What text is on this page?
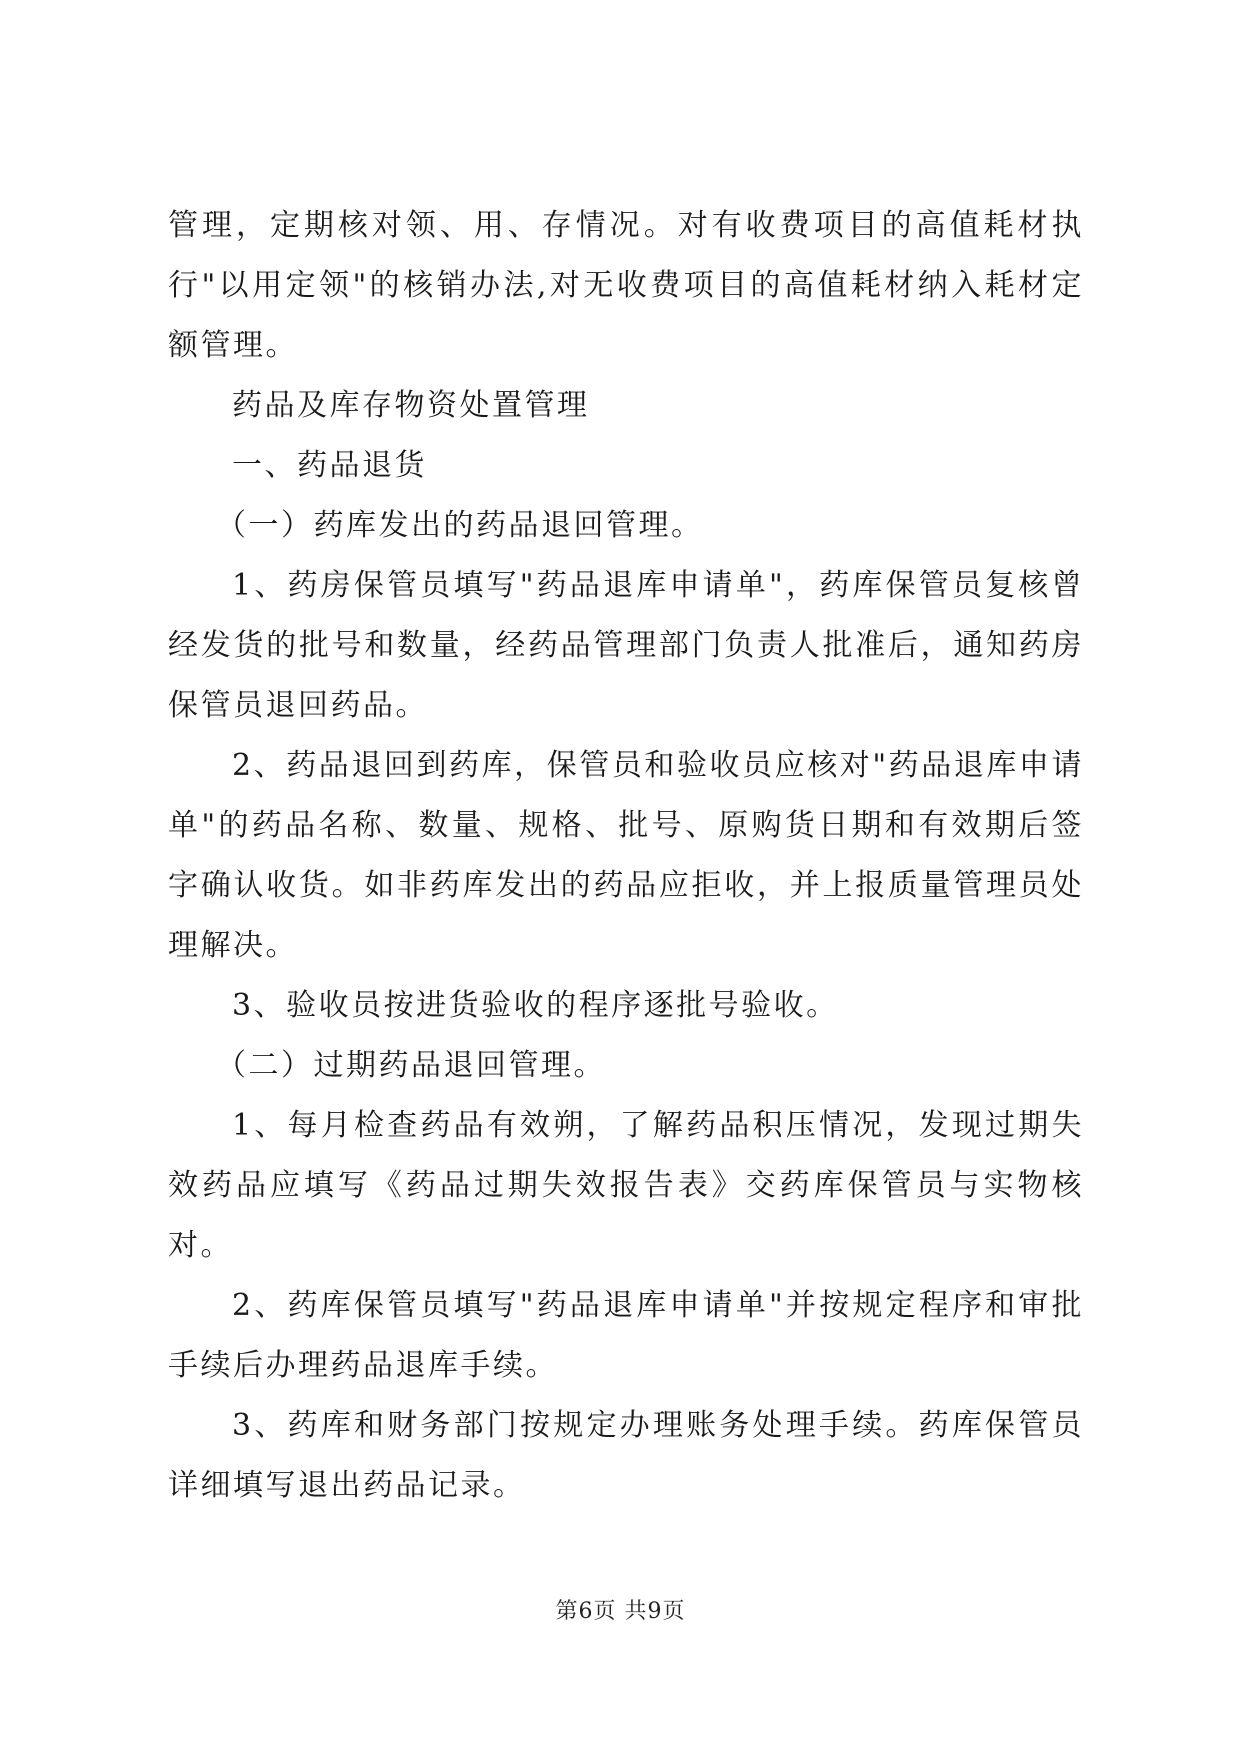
管理，定期核对领、用、存情况。对有收费项目的高值耗材执行"以用定领"的核销办法,对无收费项目的高值耗材纳入耗材定额管理。

药品及库存物资处置管理

一、药品退货

（一）药库发出的药品退回管理。

1、药房保管员填写"药品退库申请单"，药库保管员复核曾经发货的批号和数量，经药品管理部门负责人批准后，通知药房保管员退回药品。

2、药品退回到药库，保管员和验收员应核对"药品退库申请单"的药品名称、数量、规格、批号、原购货日期和有效期后签字确认收货。如非药库发出的药品应拒收，并上报质量管理员处理解决。

3、验收员按进货验收的程序逐批号验收。

（二）过期药品退回管理。

1、每月检查药品有效朔，了解药品积压情况，发现过期失效药品应填写《药品过期失效报告表》交药库保管员与实物核对。

2、药库保管员填写"药品退库申请单"并按规定程序和审批手续后办理药品退库手续。

3、药库和财务部门按规定办理账务处理手续。药库保管员详细填写退出药品记录。

第6页 共9页
